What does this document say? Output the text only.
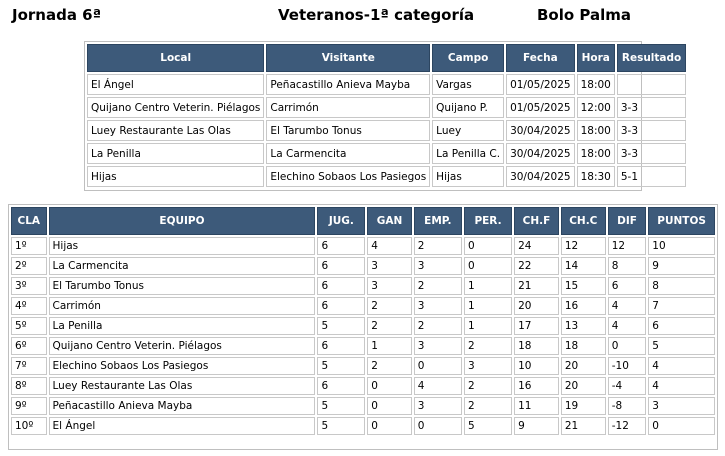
Jornada 6ª	Veteranos-1ª categoría	Bolo Palma
Local	Visitante	Campo	Fecha	Hora	Resultado
El Ángel	Peñacastillo Anieva Mayba	Vargas	01/05/2025	18:00	
Quijano Centro Veterin. Piélagos	Carrimón	Quijano P.	01/05/2025	12:00	3-3
Luey Restaurante Las Olas	El Tarumbo Tonus	Luey	30/04/2025	18:00	3-3
La Penilla	La Carmencita	La Penilla C.	30/04/2025	18:00	3-3
Hijas	Elechino Sobaos Los Pasiegos	Hijas	30/04/2025	18:30	5-1
CLA	EQUIPO	JUG.	GAN	EMP.	PER.	CH.F	CH.C	DIF	PUNTOS
1º	Hijas	6	4	2	0	24	12	12	10
2º	La Carmencita	6	3	3	0	22	14	8	9
3º	El Tarumbo Tonus	6	3	2	1	21	15	6	8
4º	Carrimón	6	2	3	1	20	16	4	7
5º	La Penilla	5	2	2	1	17	13	4	6
6º	Quijano Centro Veterin. Piélagos	6	1	3	2	18	18	0	5
7º	Elechino Sobaos Los Pasiegos	5	2	0	3	10	20	-10	4
8º	Luey Restaurante Las Olas	6	0	4	2	16	20	-4	4
9º	Peñacastillo Anieva Mayba	5	0	3	2	11	19	-8	3
10º	El Ángel	5	0	0	5	9	21	-12	0
